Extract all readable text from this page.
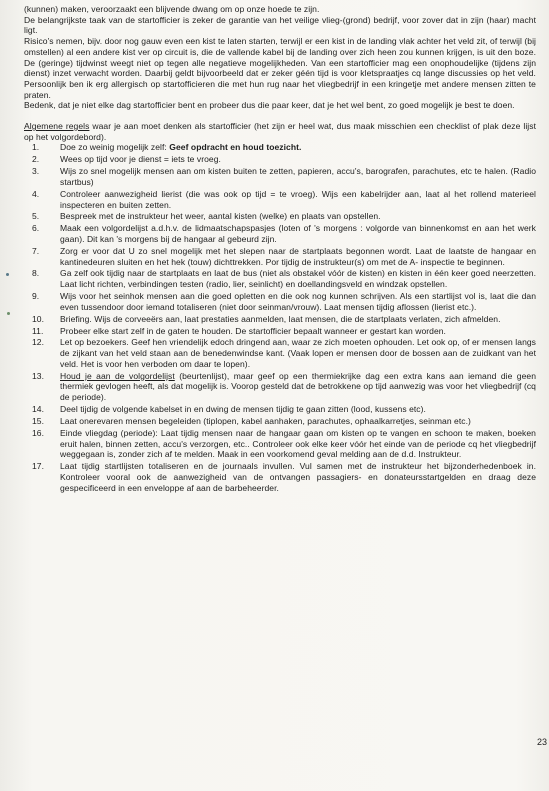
(kunnen) maken, veroorzaakt een blijvende dwang om op onze hoede te zijn.

De belangrijkste taak van de startofficier is zeker de garantie van het veilige vlieg-(grond) bedrijf, voor zover dat in zijn (haar) macht ligt.

Risico's nemen, bijv. door nog gauw even een kist te laten starten, terwijl er een kist in de landing vlak achter het veld zit, of terwijl (bij omstellen) al een andere kist ver op circuit is, die de vallende kabel bij de landing over zich heen zou kunnen krijgen, is uit den boze. De (geringe) tijdwinst weegt niet op tegen alle negatieve mogelijkheden. Van een startofficier mag een onophoudelijke (tijdens zijn dienst) inzet verwacht worden. Daarbij geldt bijvoorbeeld dat er zeker géén tijd is voor kletspraatjes cq lange discussies op het veld. Persoonlijk ben ik erg allergisch op startofficieren die met hun rug naar het vliegbedrijf in een kringetje met andere mensen zitten te praten.

Bedenk, dat je niet elke dag startofficier bent en probeer dus die paar keer, dat je het wel bent, zo goed mogelijk je best te doen.

Algemene regels waar je aan moet denken als startofficier (het zijn er heel wat, dus maak misschien een checklist of plak deze lijst op het volgordebord).

1. Doe zo weinig mogelijk zelf: Geef opdracht en houd toezicht.
2. Wees op tijd voor je dienst = iets te vroeg.
3. Wijs zo snel mogelijk mensen aan om kisten buiten te zetten, papieren, accu's, barografen, parachutes, etc te halen. (Radio startbus)
4. Controleer aanwezigheid lierist (die was ook op tijd = te vroeg). Wijs een kabelrijder aan, laat al het rollend materieel inspecteren en buiten zetten.
5. Bespreek met de instrukteur het weer, aantal kisten (welke) en plaats van opstellen.
6. Maak een volgordelijst a.d.h.v. de lidmaatschapspasjes (loten of 's morgens : volgorde van binnenkomst en aan het werk gaan). Dit kan 's morgens bij de hangaar al gebeurd zijn.
7. Zorg er voor dat U zo snel mogelijk met het slepen naar de startplaats begonnen wordt. Laat de laatste de hangaar en kantinedeuren sluiten en het hek (touw) dichttrekken. Por tijdig de instrukteur(s) om met de A- inspectie te beginnen.
8. Ga zelf ook tijdig naar de startplaats en laat de bus (niet als obstakel vóór de kisten) en kisten in één keer goed neerzetten. Laat licht richten, verbindingen testen (radio, lier, seinlicht) en doellandingsveld en windzak opstellen.
9. Wijs voor het seinhok mensen aan die goed opletten en die ook nog kunnen schrijven. Als een startlijst vol is, laat die dan even tussendoor door iemand totaliseren (niet door seinman/vrouw). Laat mensen tijdig aflossen (lierist etc.).
10. Briefing. Wijs de corveeërs aan, laat prestaties aanmelden, laat mensen, die de startplaats verlaten, zich afmelden.
11. Probeer elke start zelf in de gaten te houden. De startofficier bepaalt wanneer er gestart kan worden.
12. Let op bezoekers. Geef hen vriendelijk edoch dringend aan, waar ze zich moeten ophouden. Let ook op, of er mensen langs de zijkant van het veld staan aan de benedenwindse kant. (Vaak lopen er mensen door de bossen aan de zuidkant van het veld. Het is voor hen verboden om daar te lopen).
13. Houd je aan de volgordelijst (beurtenlijst), maar geef op een thermiekrijke dag een extra kans aan iemand die geen thermiek gevlogen heeft, als dat mogelijk is. Voorop gesteld dat de betrokkene op tijd aanwezig was voor het vliegbedrijf (cq de periode).
14. Deel tijdig de volgende kabelset in en dwing de mensen tijdig te gaan zitten (lood, kussens etc).
15. Laat onerevaren mensen begeleiden (tiplopen, kabel aanhaken, parachutes, ophaalkarretjes, seinman etc.)
16. Einde vliegdag (periode): Laat tijdig mensen naar de hangaar gaan om kisten op te vangen en schoon te maken, boeken eruit halen, binnen zetten, accu's verzorgen, etc.. Controleer ook elke keer vóór het einde van de periode cq het vliegbedrijf weggegaan is, zonder zich af te melden. Maak in een voorkomend geval melding aan de d.d. Instrukteur.
17. Laat tijdig startlijsten totaliseren en de journaals invullen. Vul samen met de instrukteur het bijzonderhedenboek in. Kontroleer vooral ook de aanwezigheid van de ontvangen passagiers- en donateursstartgelden en draag deze gespecificeerd in een enveloppe af aan de barbeheerder.
23
